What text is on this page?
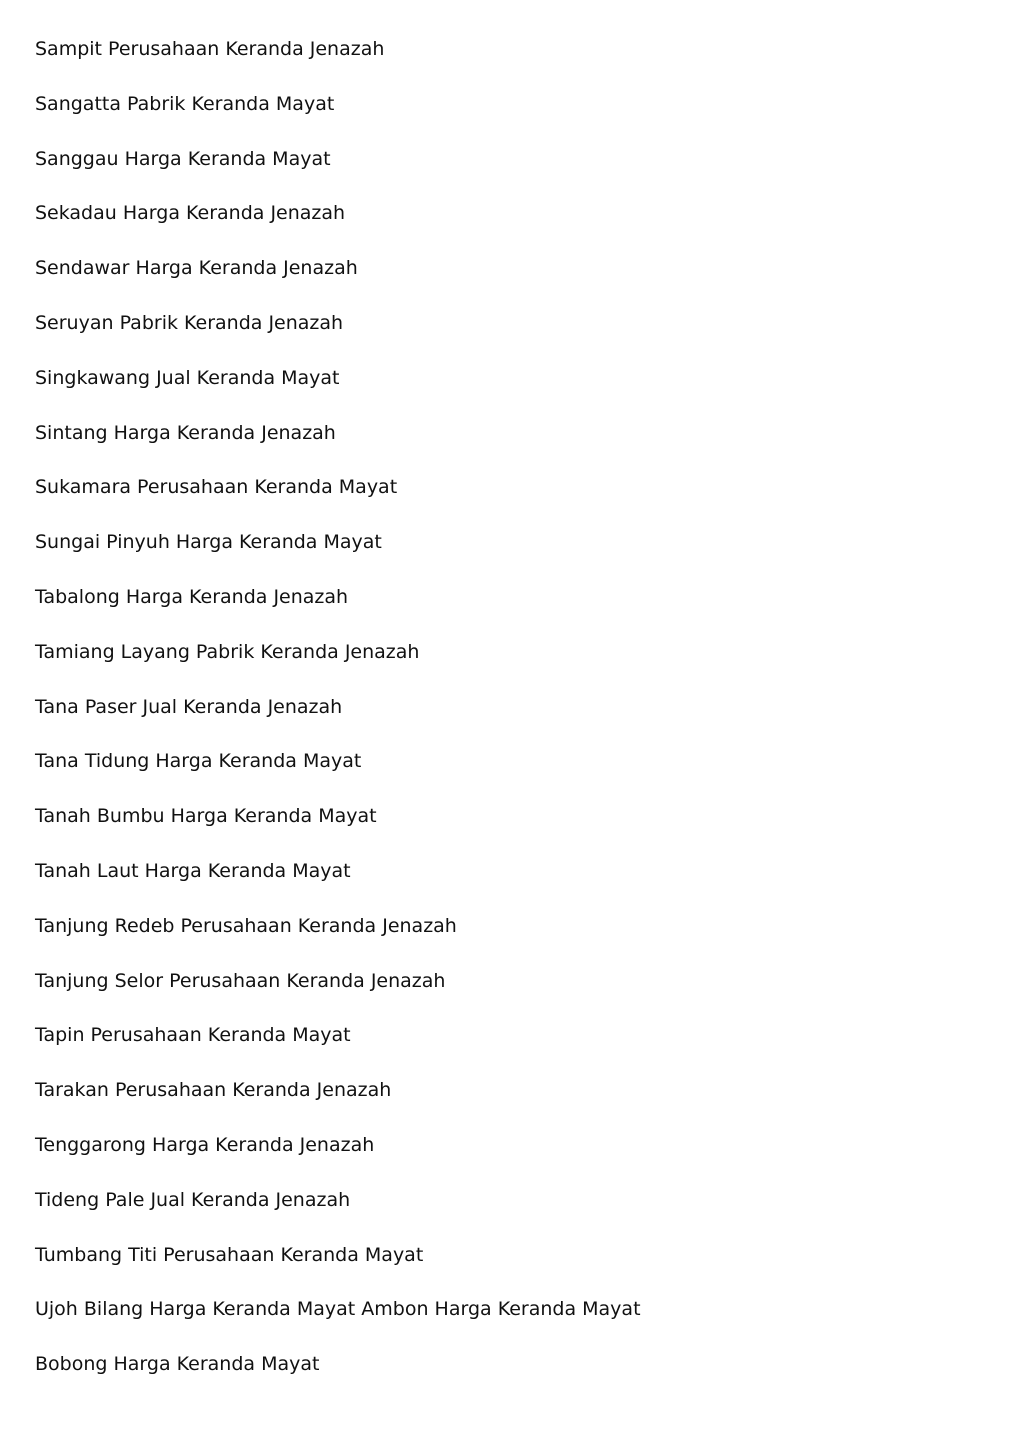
Sampit Perusahaan Keranda Jenazah
Sangatta Pabrik Keranda Mayat
Sanggau Harga Keranda Mayat
Sekadau Harga Keranda Jenazah
Sendawar Harga Keranda Jenazah
Seruyan Pabrik Keranda Jenazah
Singkawang Jual Keranda Mayat
Sintang Harga Keranda Jenazah
Sukamara Perusahaan Keranda Mayat
Sungai Pinyuh Harga Keranda Mayat
Tabalong Harga Keranda Jenazah
Tamiang Layang Pabrik Keranda Jenazah
Tana Paser Jual Keranda Jenazah
Tana Tidung Harga Keranda Mayat
Tanah Bumbu Harga Keranda Mayat
Tanah Laut Harga Keranda Mayat
Tanjung Redeb Perusahaan Keranda Jenazah
Tanjung Selor Perusahaan Keranda Jenazah
Tapin Perusahaan Keranda Mayat
Tarakan Perusahaan Keranda Jenazah
Tenggarong Harga Keranda Jenazah
Tideng Pale Jual Keranda Jenazah
Tumbang Titi Perusahaan Keranda Mayat
Ujoh Bilang Harga Keranda Mayat Ambon Harga Keranda Mayat
Bobong Harga Keranda Mayat
